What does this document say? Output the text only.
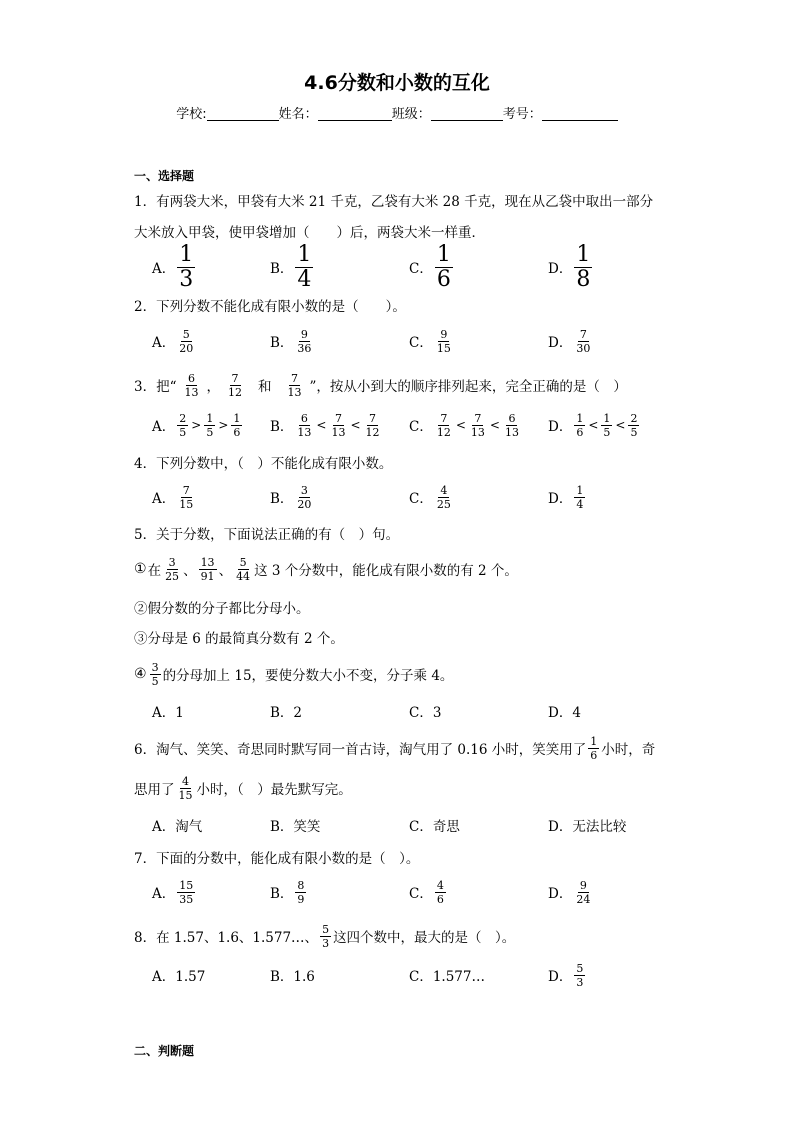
4.6分数和小数的互化
学校:	姓名：	班级：	考号：
一、选择题
1．有两袋大米，甲袋有大米 21 千克，乙袋有大米 28 千克，现在从乙袋中取出一部分
大米放入甲袋，使甲袋增加（　　）后，两袋大米一样重．
A． $\frac{1}{3}$	B． $\frac{1}{4}$	C． $\frac{1}{6}$	D． $\frac{1}{8}$
2．下列分数不能化成有限小数的是（　　）。
A． $\frac{5}{20}$	B． $\frac{9}{36}$	C． $\frac{9}{15}$	D． $\frac{7}{30}$
3．把“ $\frac{6}{13}$ ， $\frac{7}{12}$ 和 $\frac{7}{13}$ ”，按从小到大的顺序排列起来，完全正确的是（　）
A． $\frac{2}{5} > \frac{1}{5} > \frac{1}{6}$ B． $\frac{6}{13} < \frac{7}{13} < \frac{7}{12}$ C． $\frac{7}{12} < \frac{7}{13} < \frac{6}{13}$ D． $\frac{1}{6} < \frac{1}{5} < \frac{2}{5}$
4．下列分数中，（　）不能化成有限小数。
A． $\frac{7}{15}$	B． $\frac{3}{20}$	C． $\frac{4}{25}$	D． $\frac{1}{4}$
5．关于分数，下面说法正确的有（　）句。
① 在 $\frac{3}{25}$ 、 $\frac{13}{91}$ 、 $\frac{5}{44}$ 这 3 个分数中，能化成有限小数的有 2 个。
②假分数的分子都比分母小。
③分母是 6 的最简真分数有 2 个。
④ $\frac{3}{5}$ 的分母加上 15，要使分数大小不变，分子乘 4。
A．1	B．2	C．3	D．4
6．淘气、笑笑、奇思同时默写同一首古诗，淘气用了 0.16 小时，笑笑用了 $\frac{1}{6}$ 小时，奇
思用了 $\frac{4}{15}$ 小时，（　）最先默写完。
A．淘气	B．笑笑	C．奇思	D．无法比较
7．下面的分数中，能化成有限小数的是（　）。
A． $\frac{15}{35}$	B． $\frac{8}{9}$	C． $\frac{4}{6}$	D． $\frac{9}{24}$
8．在 1.57、1.6、1.577…、 $\frac{5}{3}$ 这四个数中，最大的是（　）。
A．1.57	B．1.6	C．1.577…	D． $\frac{5}{3}$
二、判断题
